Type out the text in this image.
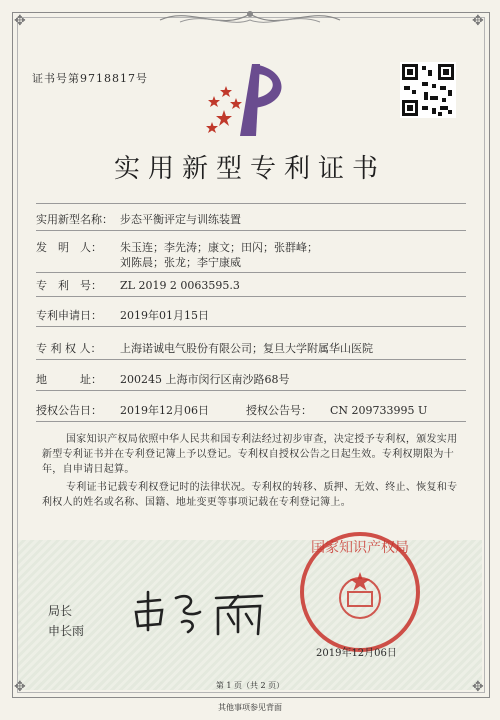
✥	✥
✥	✥
证书号第9718817号
实用新型专利证书
实用新型名称： 步态平衡评定与训练装置
发　明　人：	朱玉连；李先涛；康文；田闪；张群峰；刘陈晨；张龙；李宁康威
专　利　号：	ZL 2019 2 0063595.3
专利申请日：	2019年01月15日
专 利 权 人：	上海诺诚电气股份有限公司；复旦大学附属华山医院
地　　　址：	200245 上海市闵行区南沙路68号
授权公告日：	2019年12月06日	授权公告号：	CN 209733995 U
国家知识产权局依照中华人民共和国专利法经过初步审查，决定授予专利权，颁发实用新型专利证书并在专利登记簿上予以登记。专利权自授权公告之日起生效。专利权期限为十年，自申请日起算。
专利证书记载专利权登记时的法律状况。专利权的转移、质押、无效、终止、恢复和专利权人的姓名或名称、国籍、地址变更等事项记载在专利登记簿上。
局长
申长雨
国家知识产权局
2019年12月06日
第 1 页（共 2 页）
其他事项参见背面
